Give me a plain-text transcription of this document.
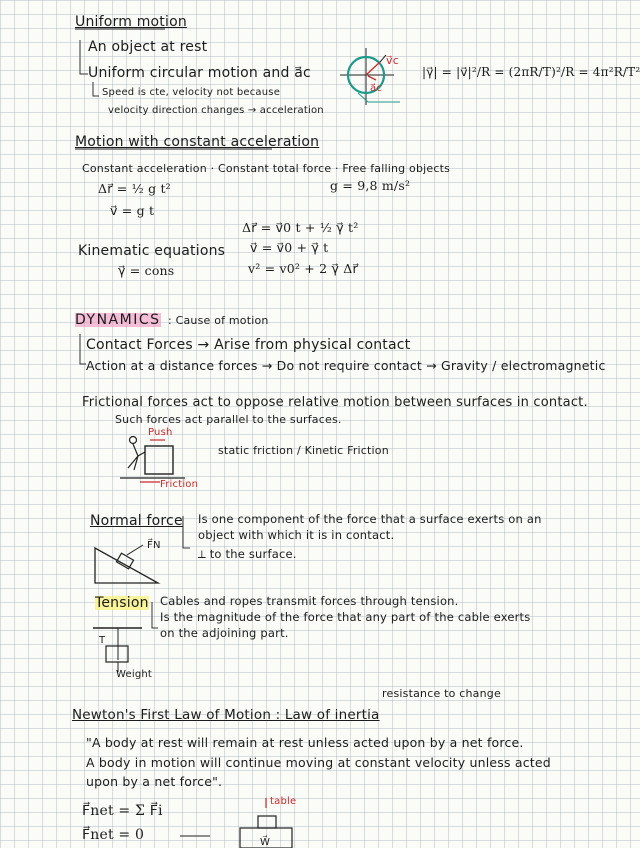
Uniform motion
An object at rest
Uniform circular motion and a⃗c
Speed is cte, velocity not because
velocity direction changes → acceleration
v⃗c
a⃗c
|γ⃗| = |v⃗|²/R = (2πR/T)²/R = 4π²R/T²
Motion with constant acceleration
Constant acceleration · Constant total force · Free falling objects
Δr⃗ = ½ g t²
v⃗ = g t
g = 9,8 m/s²
Δr⃗ = v⃗0 t + ½ γ⃗ t²
v⃗ = v⃗0 + γ⃗ t
v² = v0² + 2 γ⃗ Δr⃗
Kinematic equations
γ⃗ = cons
DYNAMICS : Cause of motion
Contact Forces → Arise from physical contact
Action at a distance forces → Do not require contact → Gravity / electromagnetic
Frictional forces act to oppose relative motion between surfaces in contact.
Such forces act parallel to the surfaces.
Push
Friction
static friction / Kinetic Friction
Normal force Is one component of the force that a surface exerts on an
object with which it is in contact.
⟂ to the surface.
F⃗N
Tension Cables and ropes transmit forces through tension.
Is the magnitude of the force that any part of the cable exerts
on the adjoining part.
T
Weight
resistance to change
Newton's First Law of Motion : Law of inertia
"A body at rest will remain at rest unless acted upon by a net force.
A body in motion will continue moving at constant velocity unless acted
upon by a net force".
F⃗net = Σ F⃗i
F⃗net = 0
table
W⃗
